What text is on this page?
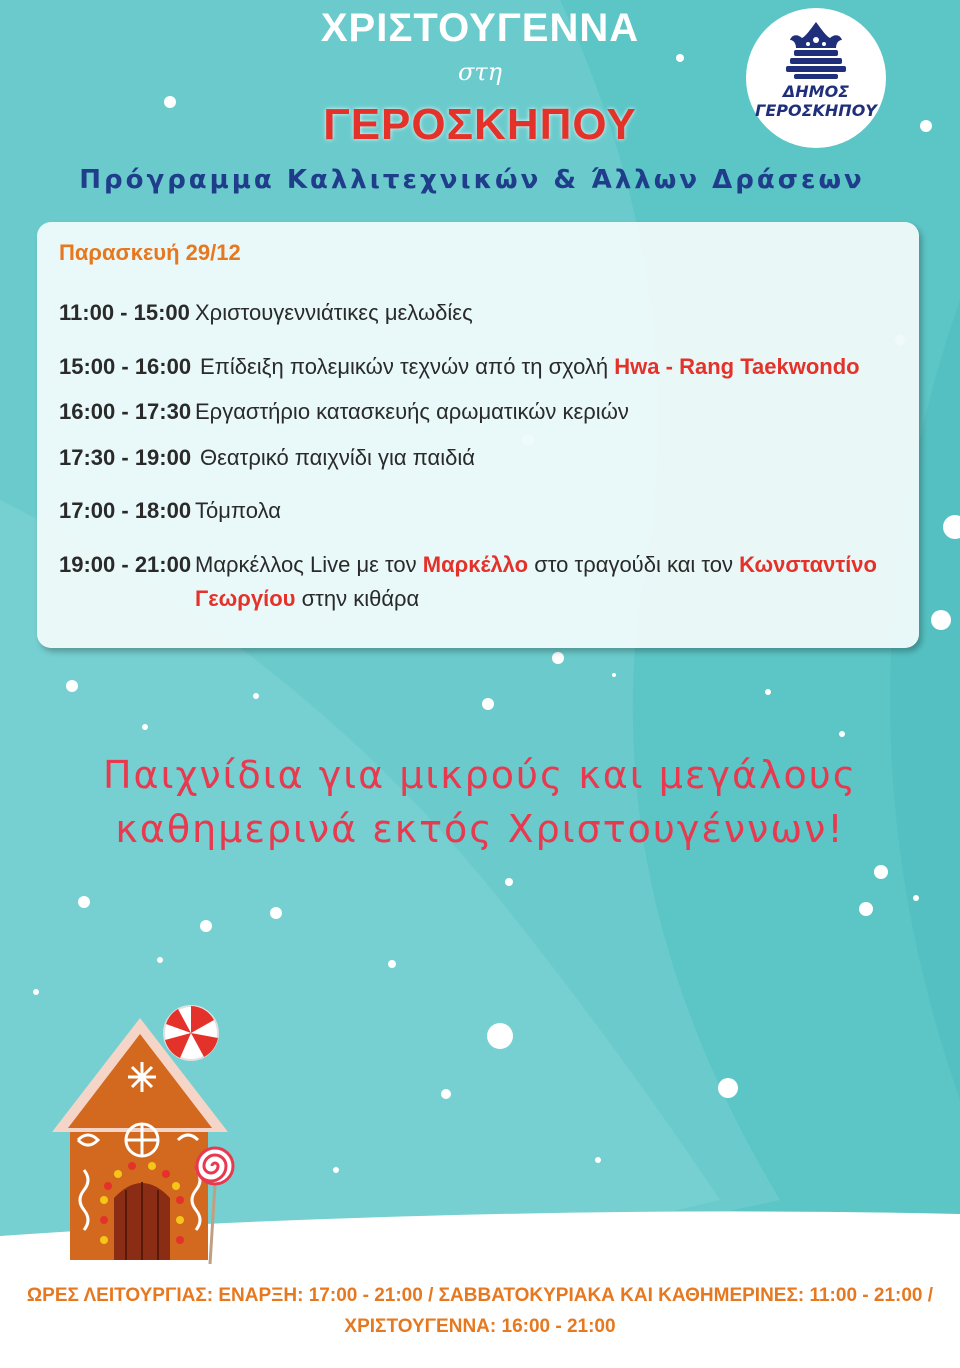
ΧΡΙΣΤΟΥΓΕΝΝΑ
στη
ΓΕΡΟΣΚΗΠΟΥ
Πρόγραμμα Καλλιτεχνικών & Άλλων Δράσεων
ΔΗΜΟΣ
ΓΕΡΟΣΚΗΠΟΥ
Παρασκευή 29/12
11:00 - 15:00 Χριστουγεννιάτικες μελωδίες
15:00 - 16:00 Επίδειξη πολεμικών τεχνών από τη σχολή Hwa - Rang Taekwondo
16:00 - 17:30 Εργαστήριο κατασκευής αρωματικών κεριών
17:30 - 19:00 Θεατρικό παιχνίδι για παιδιά
17:00 - 18:00 Τόμπολα
19:00 - 21:00 Μαρκέλλος Live με τον Μαρκέλλο στο τραγούδι και τον Κωνσταντίνο Γεωργίου στην κιθάρα
Παιχνίδια για μικρούς και μεγάλους
καθημερινά εκτός Χριστουγέννων!
ΩΡΕΣ ΛΕΙΤΟΥΡΓΙΑΣ: ΕΝΑΡΞΗ: 17:00 - 21:00 / ΣΑΒΒΑΤΟΚΥΡΙΑΚΑ ΚΑΙ ΚΑΘΗΜΕΡΙΝΕΣ: 11:00 - 21:00 /
ΧΡΙΣΤΟΥΓΕΝΝΑ: 16:00 - 21:00
